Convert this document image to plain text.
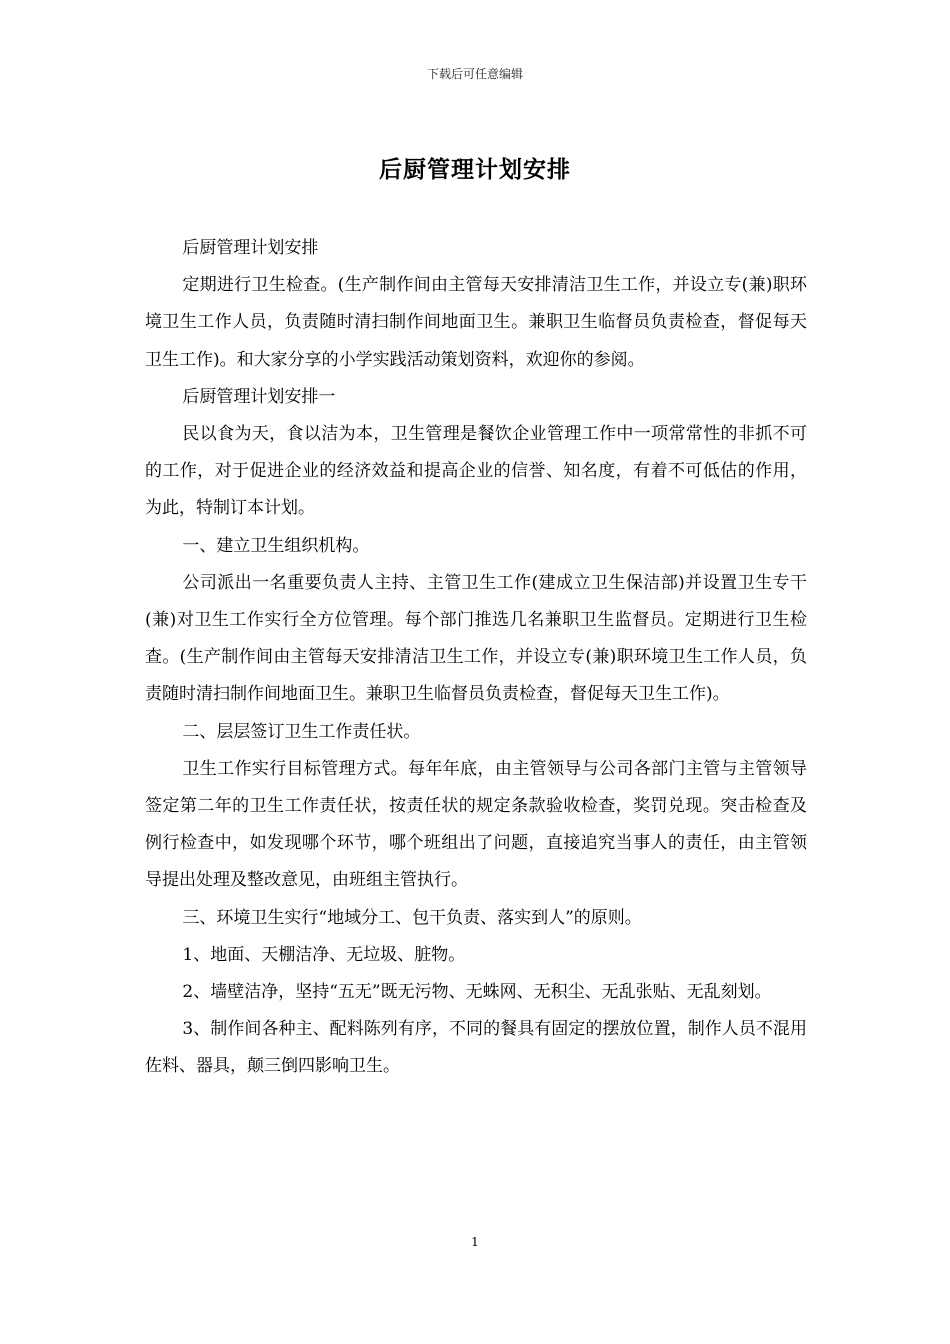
下载后可任意编辑
后厨管理计划安排

后厨管理计划安排

定期进行卫生检查。(生产制作间由主管每天安排清洁卫生工作，并设立专(兼)职环境卫生工作人员，负责随时清扫制作间地面卫生。兼职卫生临督员负责检查，督促每天卫生工作)。和大家分享的小学实践活动策划资料，欢迎你的参阅。

后厨管理计划安排一

民以食为天，食以洁为本，卫生管理是餐饮企业管理工作中一项常常性的非抓不可的工作，对于促进企业的经济效益和提高企业的信誉、知名度，有着不可低估的作用，为此，特制订本计划。

一、建立卫生组织机构。

公司派出一名重要负责人主持、主管卫生工作(建成立卫生保洁部)并设置卫生专干(兼)对卫生工作实行全方位管理。每个部门推选几名兼职卫生监督员。定期进行卫生检查。(生产制作间由主管每天安排清洁卫生工作，并设立专(兼)职环境卫生工作人员，负责随时清扫制作间地面卫生。兼职卫生临督员负责检查，督促每天卫生工作)。

二、层层签订卫生工作责任状。

卫生工作实行目标管理方式。每年年底，由主管领导与公司各部门主管与主管领导签定第二年的卫生工作责任状，按责任状的规定条款验收检查，奖罚兑现。突击检查及例行检查中，如发现哪个环节，哪个班组出了问题，直接追究当事人的责任，由主管领导提出处理及整改意见，由班组主管执行。

三、环境卫生实行“地域分工、包干负责、落实到人”的原则。

1、地面、天棚洁净、无垃圾、脏物。

2、墙壁洁净，坚持“五无”既无污物、无蛛网、无积尘、无乱张贴、无乱刻划。

3、制作间各种主、配料陈列有序，不同的餐具有固定的摆放位置，制作人员不混用佐料、器具，颠三倒四影响卫生。

1
